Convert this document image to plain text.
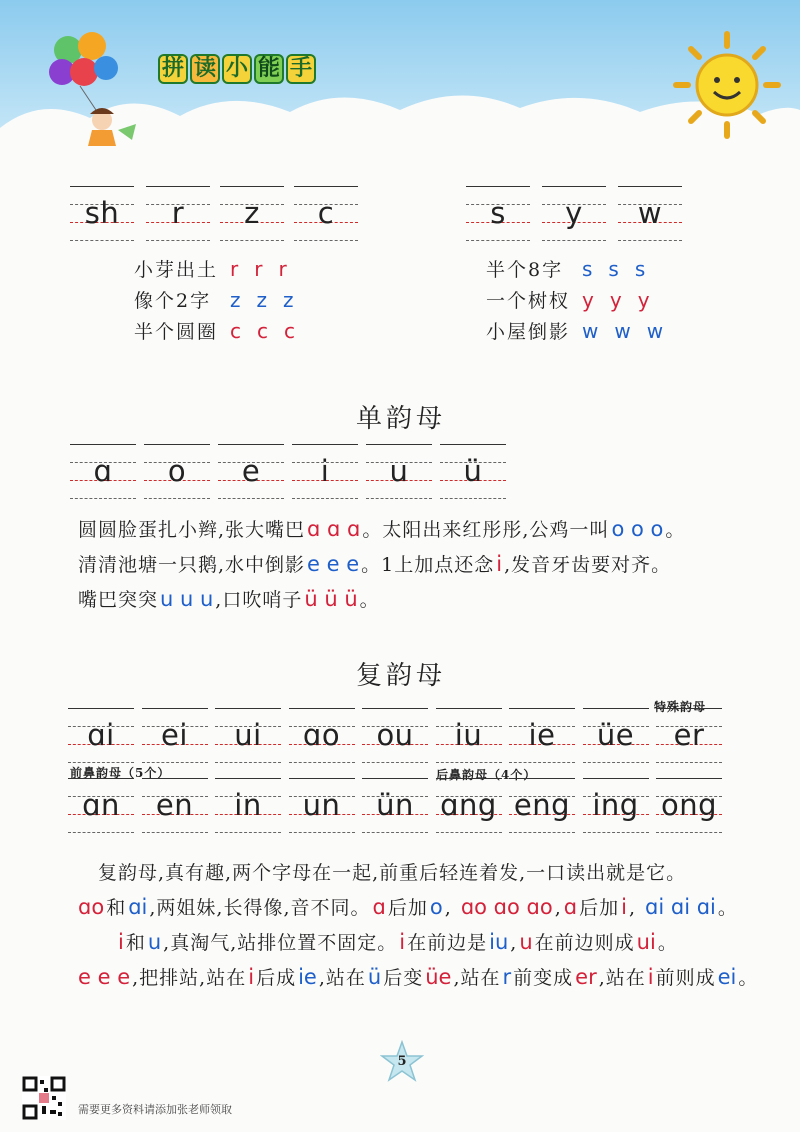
拼 读 小 能 手
sh	r	z	c	s	y	w
小芽出土 r r r
像个2字 z z z
半个圆圈 c c c
半个8字 s s s
一个树杈 y y y
小屋倒影 w w w
单韵母
ɑ	o	e	i	u	ü
圆圆脸蛋扎小辫,张大嘴巴ɑ ɑ ɑ 。太阳出来红彤彤,公鸡一叫o o o 。
清清池塘一只鹅,水中倒影e e e 。1上加点还念i ,发音牙齿要对齐。
嘴巴突突u u u ,口吹哨子ü ü ü 。
复韵母
特殊韵母
前鼻韵母（5个）	后鼻韵母（4个）
ɑi	ei	ui	ɑo	ou	iu	ie	üe	er
ɑn	en	in	un	ün ɑng eng ing ong
复韵母,真有趣,两个字母在一起,前重后轻连着发,一口读出就是它。
ɑo 和ɑi ,两姐妹,长得像,音不同。ɑ 后加o , ɑo ɑo ɑo ,ɑ 后加i , ɑi ɑi ɑi 。
i 和u ,真淘气,站排位置不固定。i 在前边是iu ,u 在前边则成ui 。
e e e ,把排站,站在i 后成ie ,站在ü 后变üe ,站在r 前变成er ,站在i 前则成ei 。
5
需要更多资料请添加张老师领取
